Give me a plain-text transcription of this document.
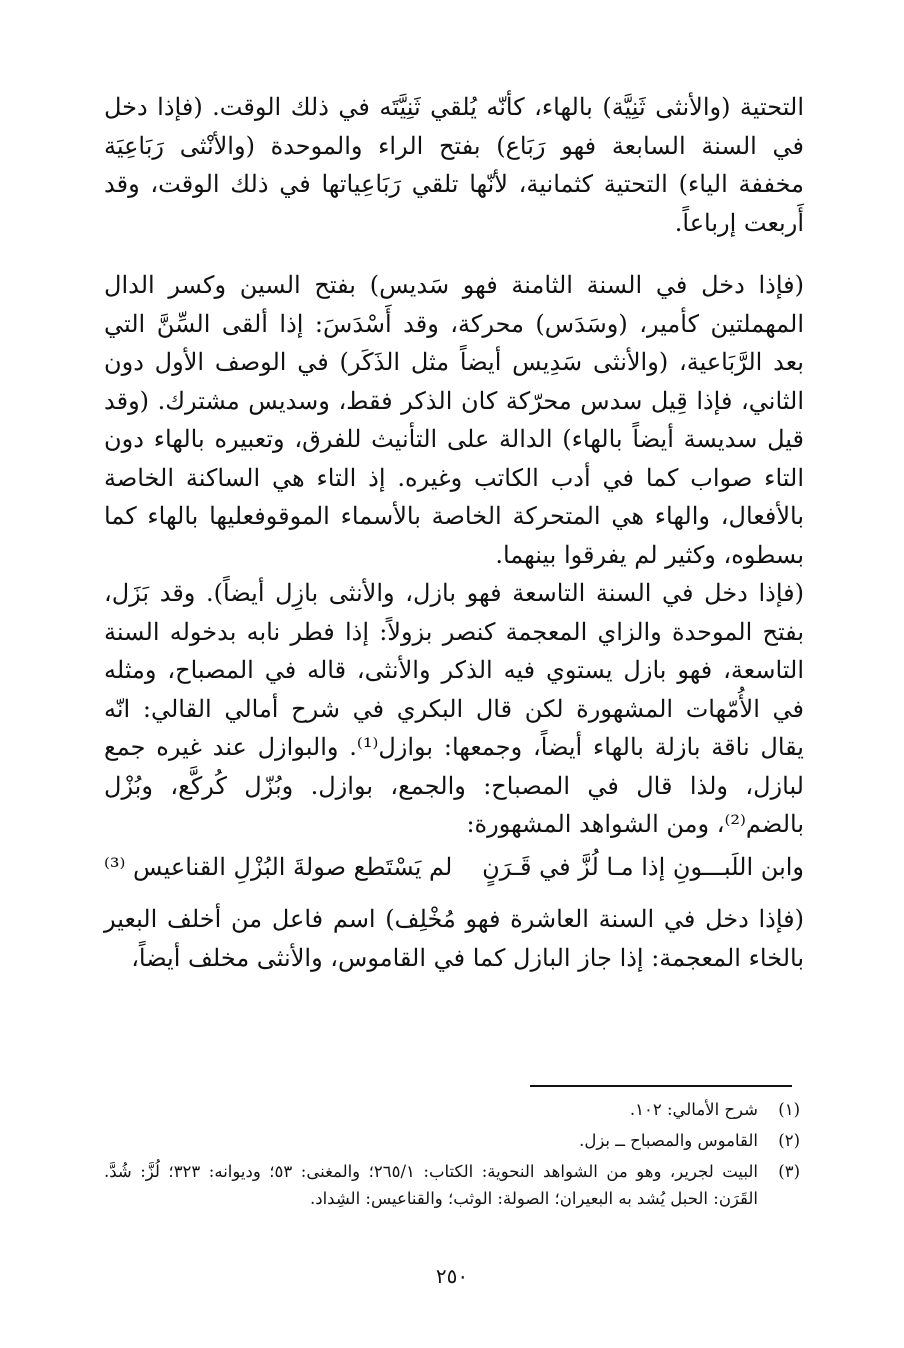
التحتية (والأنثى ثَنِيَّة) بالهاء، كأنّه يُلقي ثَنِيَّتَه في ذلك الوقت. (فإذا دخل في السنة السابعة فهو رَبَاع) بفتح الراء والموحدة (والأنْثى رَبَاعِيَة مخففة الياء) التحتية كثمانية، لأنّها تلقي رَبَاعِياتها في ذلك الوقت، وقد أَربعت إرباعاً.

(فإذا دخل في السنة الثامنة فهو سَديس) بفتح السين وكسر الدال المهملتين كأمير، (وسَدَس) محركة، وقد أَسْدَسَ: إذا ألقى السِّنَّ التي بعد الرَّبَاعية، (والأنثى سَدِيس أيضاً مثل الذَكَر) في الوصف الأول دون الثاني، فإذا قِيل سدس محرّكة كان الذكر فقط، وسديس مشترك. (وقد قيل سديسة أيضاً بالهاء) الدالة على التأنيث للفرق، وتعبيره بالهاء دون التاء صواب كما في أدب الكاتب وغيره. إذ التاء هي الساكنة الخاصة بالأفعال، والهاء هي المتحركة الخاصة بالأسماء الموقوفعليها بالهاء كما بسطوه، وكثير لم يفرقوا بينهما.

(فإذا دخل في السنة التاسعة فهو بازل، والأنثى بازِل أيضاً). وقد بَزَل، بفتح الموحدة والزاي المعجمة كنصر بزولاً: إذا فطر نابه بدخوله السنة التاسعة، فهو بازل يستوي فيه الذكر والأنثى، قاله في المصباح، ومثله في الأُمّهات المشهورة لكن قال البكري في شرح أمالي القالي: انّه يقال ناقة بازلة بالهاء أيضاً، وجمعها: بوازل⁽¹⁾. والبوازل عند غيره جمع لبازل، ولذا قال في المصباح: والجمع، بوازل. وبُزّل كُركَّع، وبُزْل بالضم⁽²⁾، ومن الشواهد المشهورة:

وابن اللَبـــونِ إذا مـا لُزَّ في قَـرَنٍ
لم يَسْتَطع صولةَ البُزْلِ القناعيس ⁽³⁾

(فإذا دخل في السنة العاشرة فهو مُخْلِف) اسم فاعل من أخلف البعير بالخاء المعجمة: إذا جاز البازل كما في القاموس، والأنثى مخلف أيضاً،

(١)
شرح الأمالي: ١٠٢.
(٢)
القاموس والمصباح ــ بزل.
(٣)
البيت لجرير، وهو من الشواهد النحوية: الكتاب: ٢٦٥/١؛ والمغنى: ٥٣؛ وديوانه: ٣٢٣؛ لُزَّ: شُدَّ. القَرَن: الحبل يُشد به البعيران؛ الصولة: الوثب؛ والقناعيس: الشِداد.
٢٥٠
